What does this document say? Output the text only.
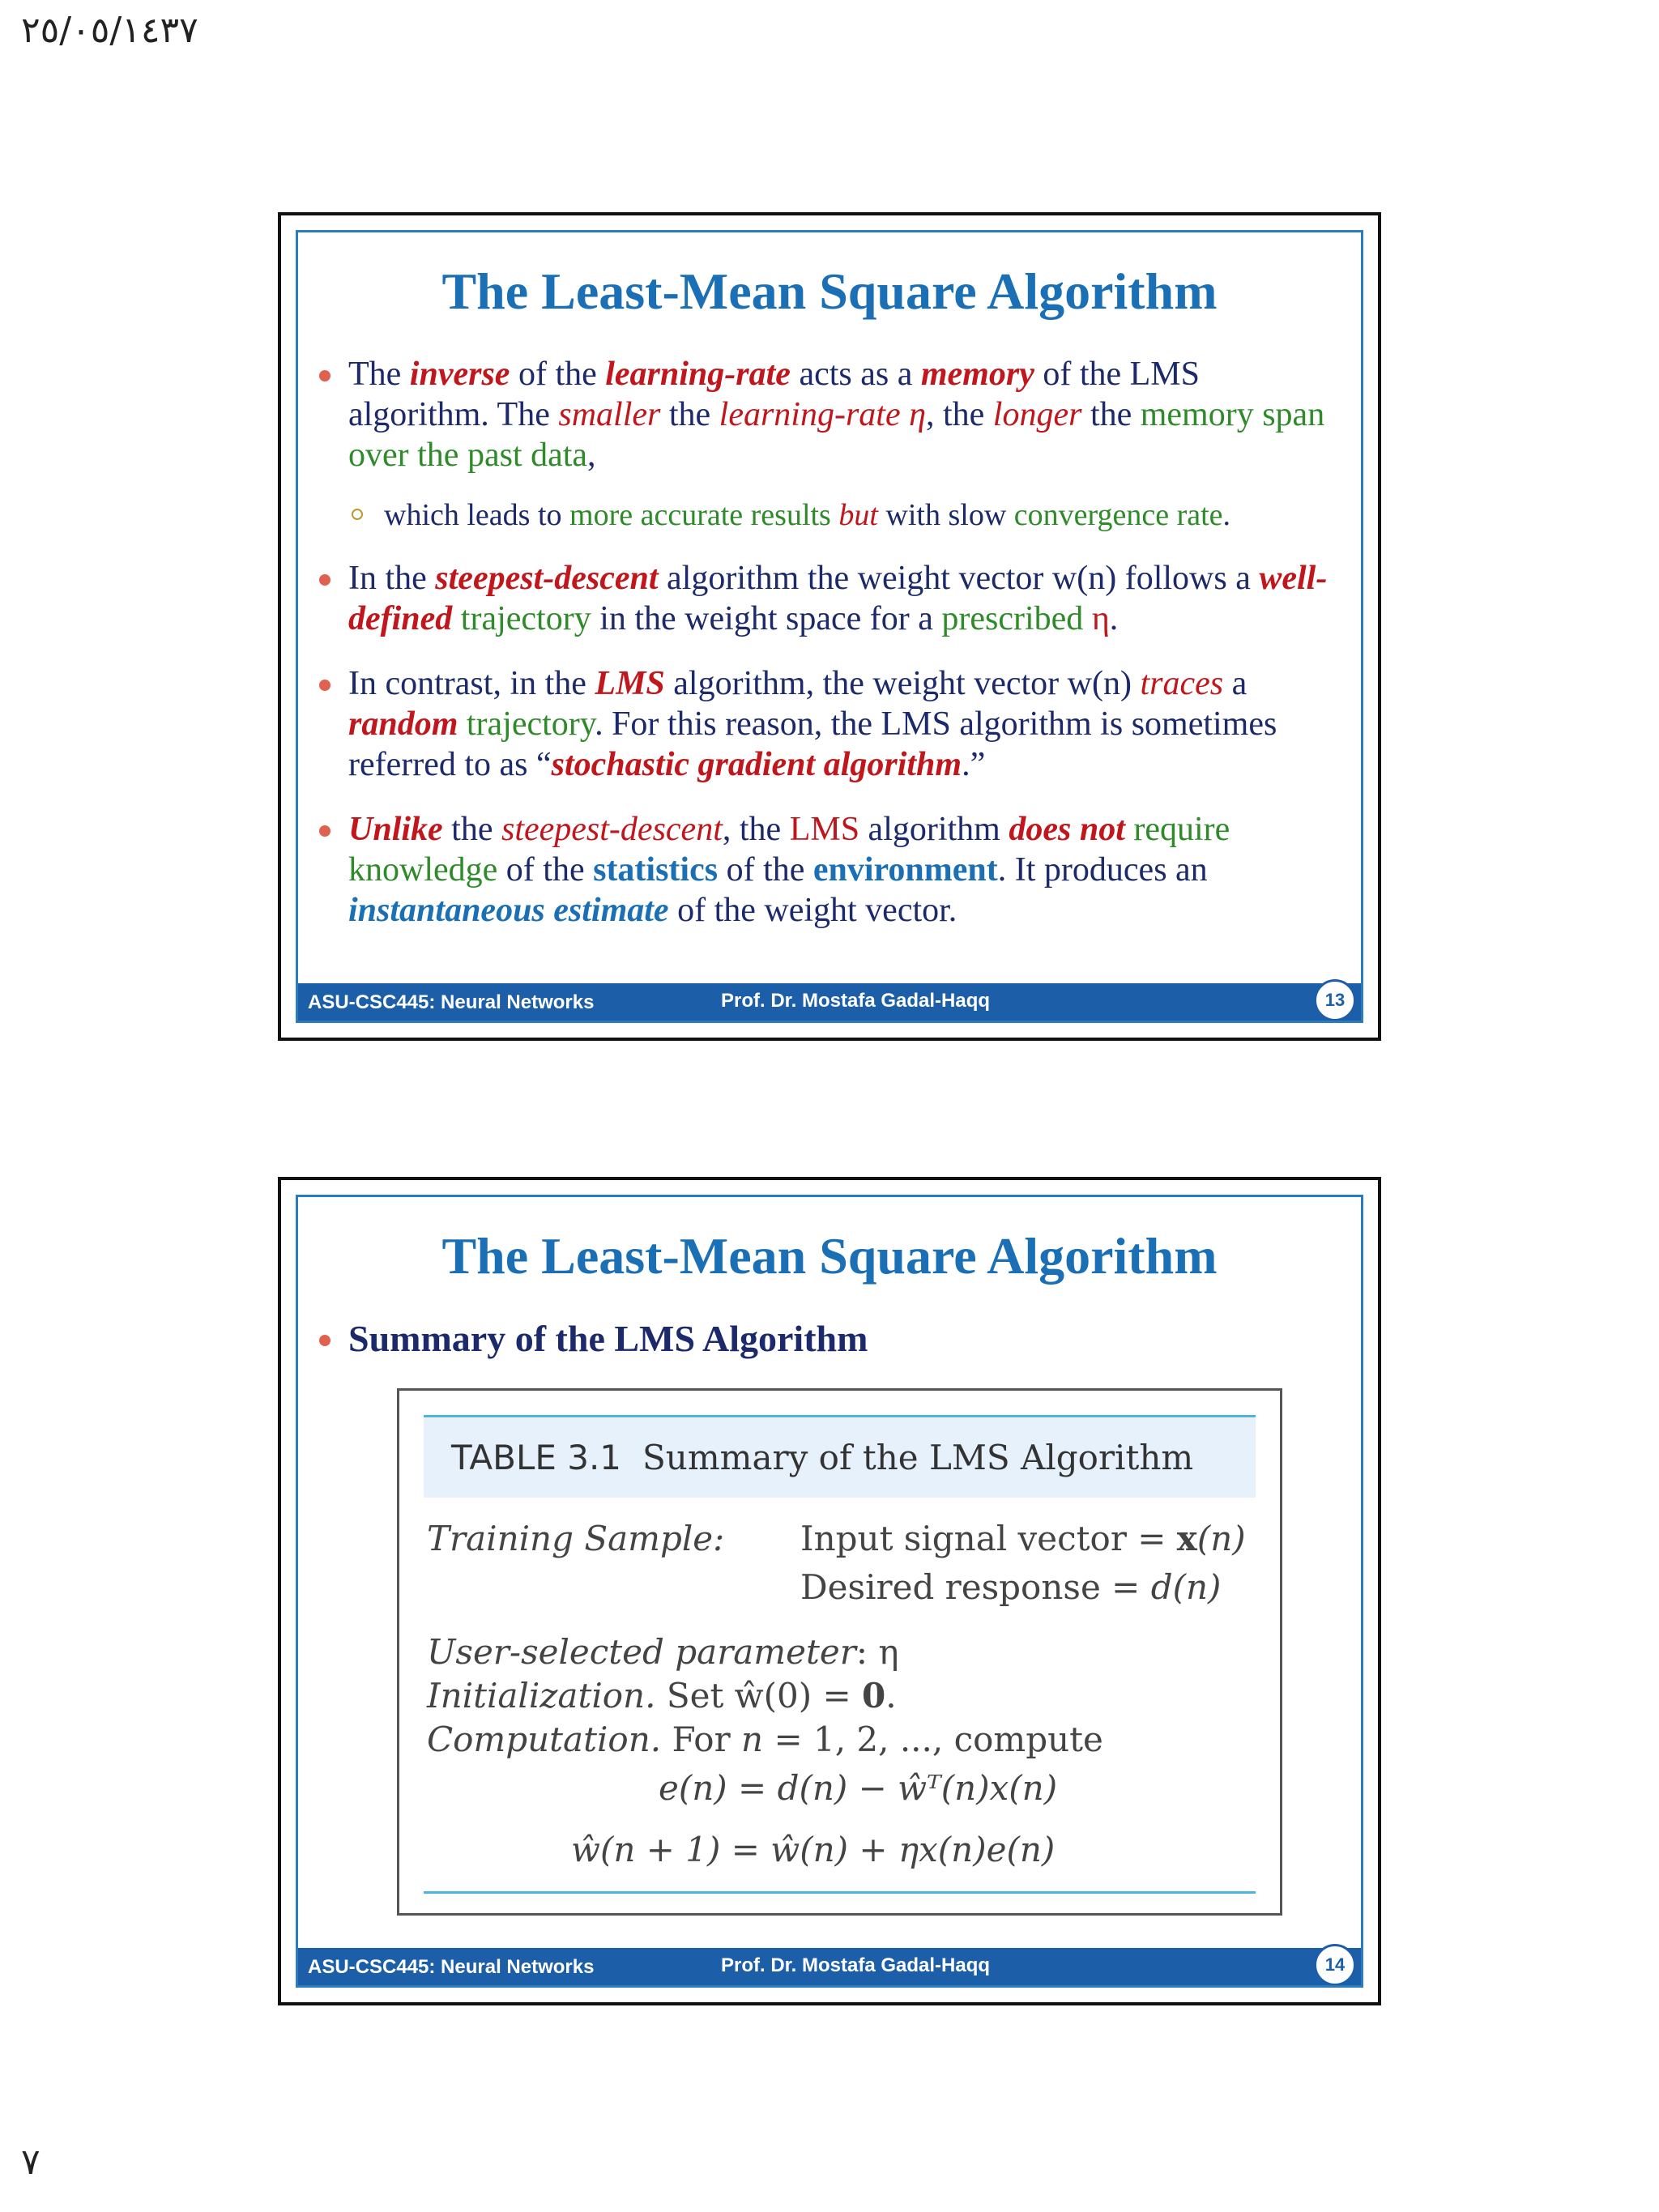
٢٥/٠٥/١٤٣٧
The Least-Mean Square Algorithm
The inverse of the learning-rate acts as a memory of the LMS algorithm. The smaller the learning-rate η, the longer the memory span over the past data,
which leads to more accurate results but with slow convergence rate.
In the steepest-descent algorithm the weight vector w(n) follows a well-defined trajectory in the weight space for a prescribed η.
In contrast, in the LMS algorithm, the weight vector w(n) traces a random trajectory. For this reason, the LMS algorithm is sometimes referred to as “stochastic gradient algorithm.”
Unlike the steepest-descent, the LMS algorithm does not require knowledge of the statistics of the environment. It produces an instantaneous estimate of the weight vector.
ASU-CSC445: Neural Networks	Prof. Dr. Mostafa Gadal-Haqq	13
The Least-Mean Square Algorithm
Summary of the LMS Algorithm
TABLE 3.1 Summary of the LMS Algorithm
Training Sample: Input signal vector = x(n)
Desired response = d(n)
User-selected parameter: η
Initialization. Set ŵ(0) = 0.
Computation. For n = 1, 2, ..., compute
e(n) = d(n) − ŵᵀ(n)x(n)
ŵ(n + 1) = ŵ(n) + ηx(n)e(n)
ASU-CSC445: Neural Networks	Prof. Dr. Mostafa Gadal-Haqq	14
٧
